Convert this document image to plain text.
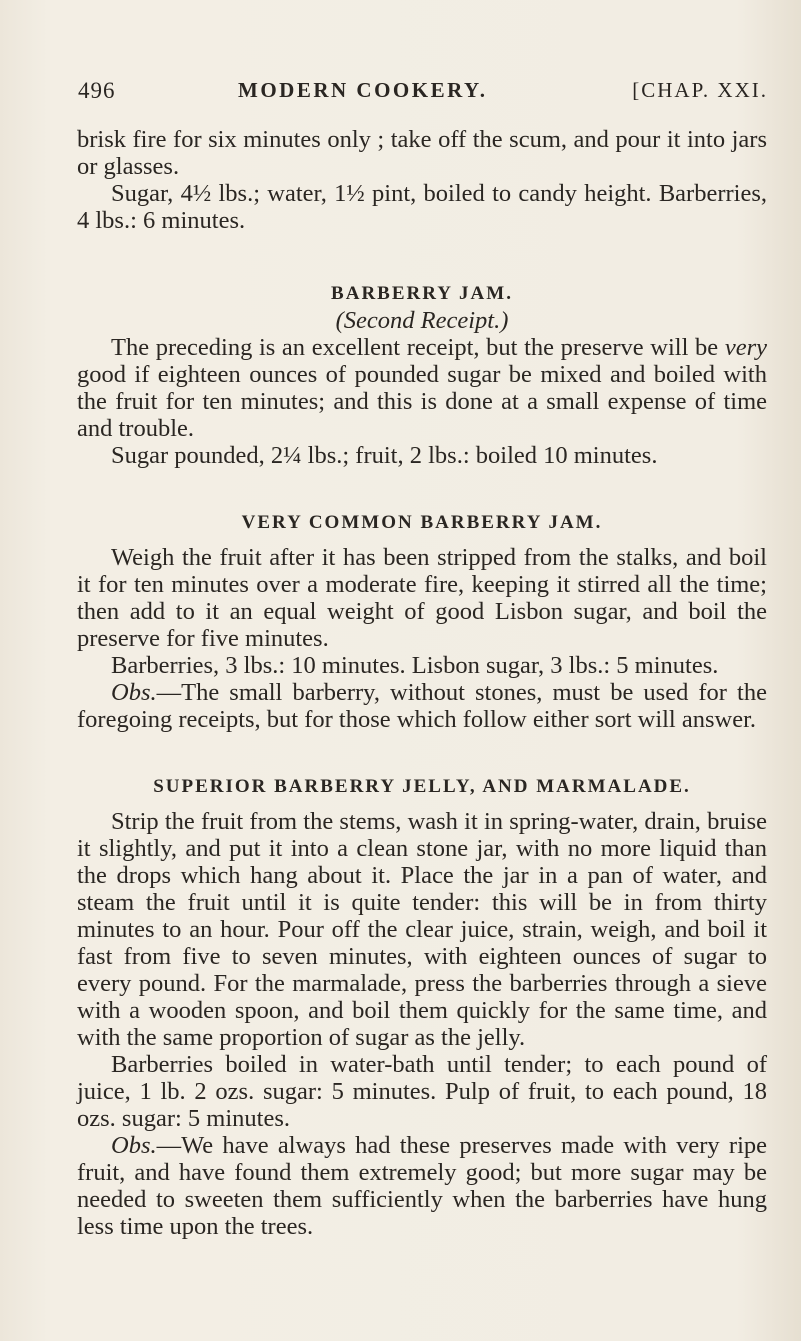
496	MODERN COOKERY.	[CHAP. XXI.

brisk fire for six minutes only ; take off the scum, and pour it into jars or glasses.

Sugar, 4½ lbs.; water, 1½ pint, boiled to candy height. Barberries, 4 lbs.: 6 minutes.

BARBERRY JAM.

(Second Receipt.)

The preceding is an excellent receipt, but the preserve will be very good if eighteen ounces of pounded sugar be mixed and boiled with the fruit for ten minutes; and this is done at a small expense of time and trouble.

Sugar pounded, 2¼ lbs.; fruit, 2 lbs.: boiled 10 minutes.

VERY COMMON BARBERRY JAM.

Weigh the fruit after it has been stripped from the stalks, and boil it for ten minutes over a moderate fire, keeping it stirred all the time; then add to it an equal weight of good Lisbon sugar, and boil the preserve for five minutes.

Barberries, 3 lbs.: 10 minutes. Lisbon sugar, 3 lbs.: 5 minutes.

Obs.—The small barberry, without stones, must be used for the foregoing receipts, but for those which follow either sort will answer.

SUPERIOR BARBERRY JELLY, AND MARMALADE.

Strip the fruit from the stems, wash it in spring-water, drain, bruise it slightly, and put it into a clean stone jar, with no more liquid than the drops which hang about it. Place the jar in a pan of water, and steam the fruit until it is quite tender: this will be in from thirty minutes to an hour. Pour off the clear juice, strain, weigh, and boil it fast from five to seven minutes, with eighteen ounces of sugar to every pound. For the marmalade, press the barberries through a sieve with a wooden spoon, and boil them quickly for the same time, and with the same proportion of sugar as the jelly.

Barberries boiled in water-bath until tender; to each pound of juice, 1 lb. 2 ozs. sugar: 5 minutes. Pulp of fruit, to each pound, 18 ozs. sugar: 5 minutes.

Obs.—We have always had these preserves made with very ripe fruit, and have found them extremely good; but more sugar may be needed to sweeten them sufficiently when the barberries have hung less time upon the trees.
